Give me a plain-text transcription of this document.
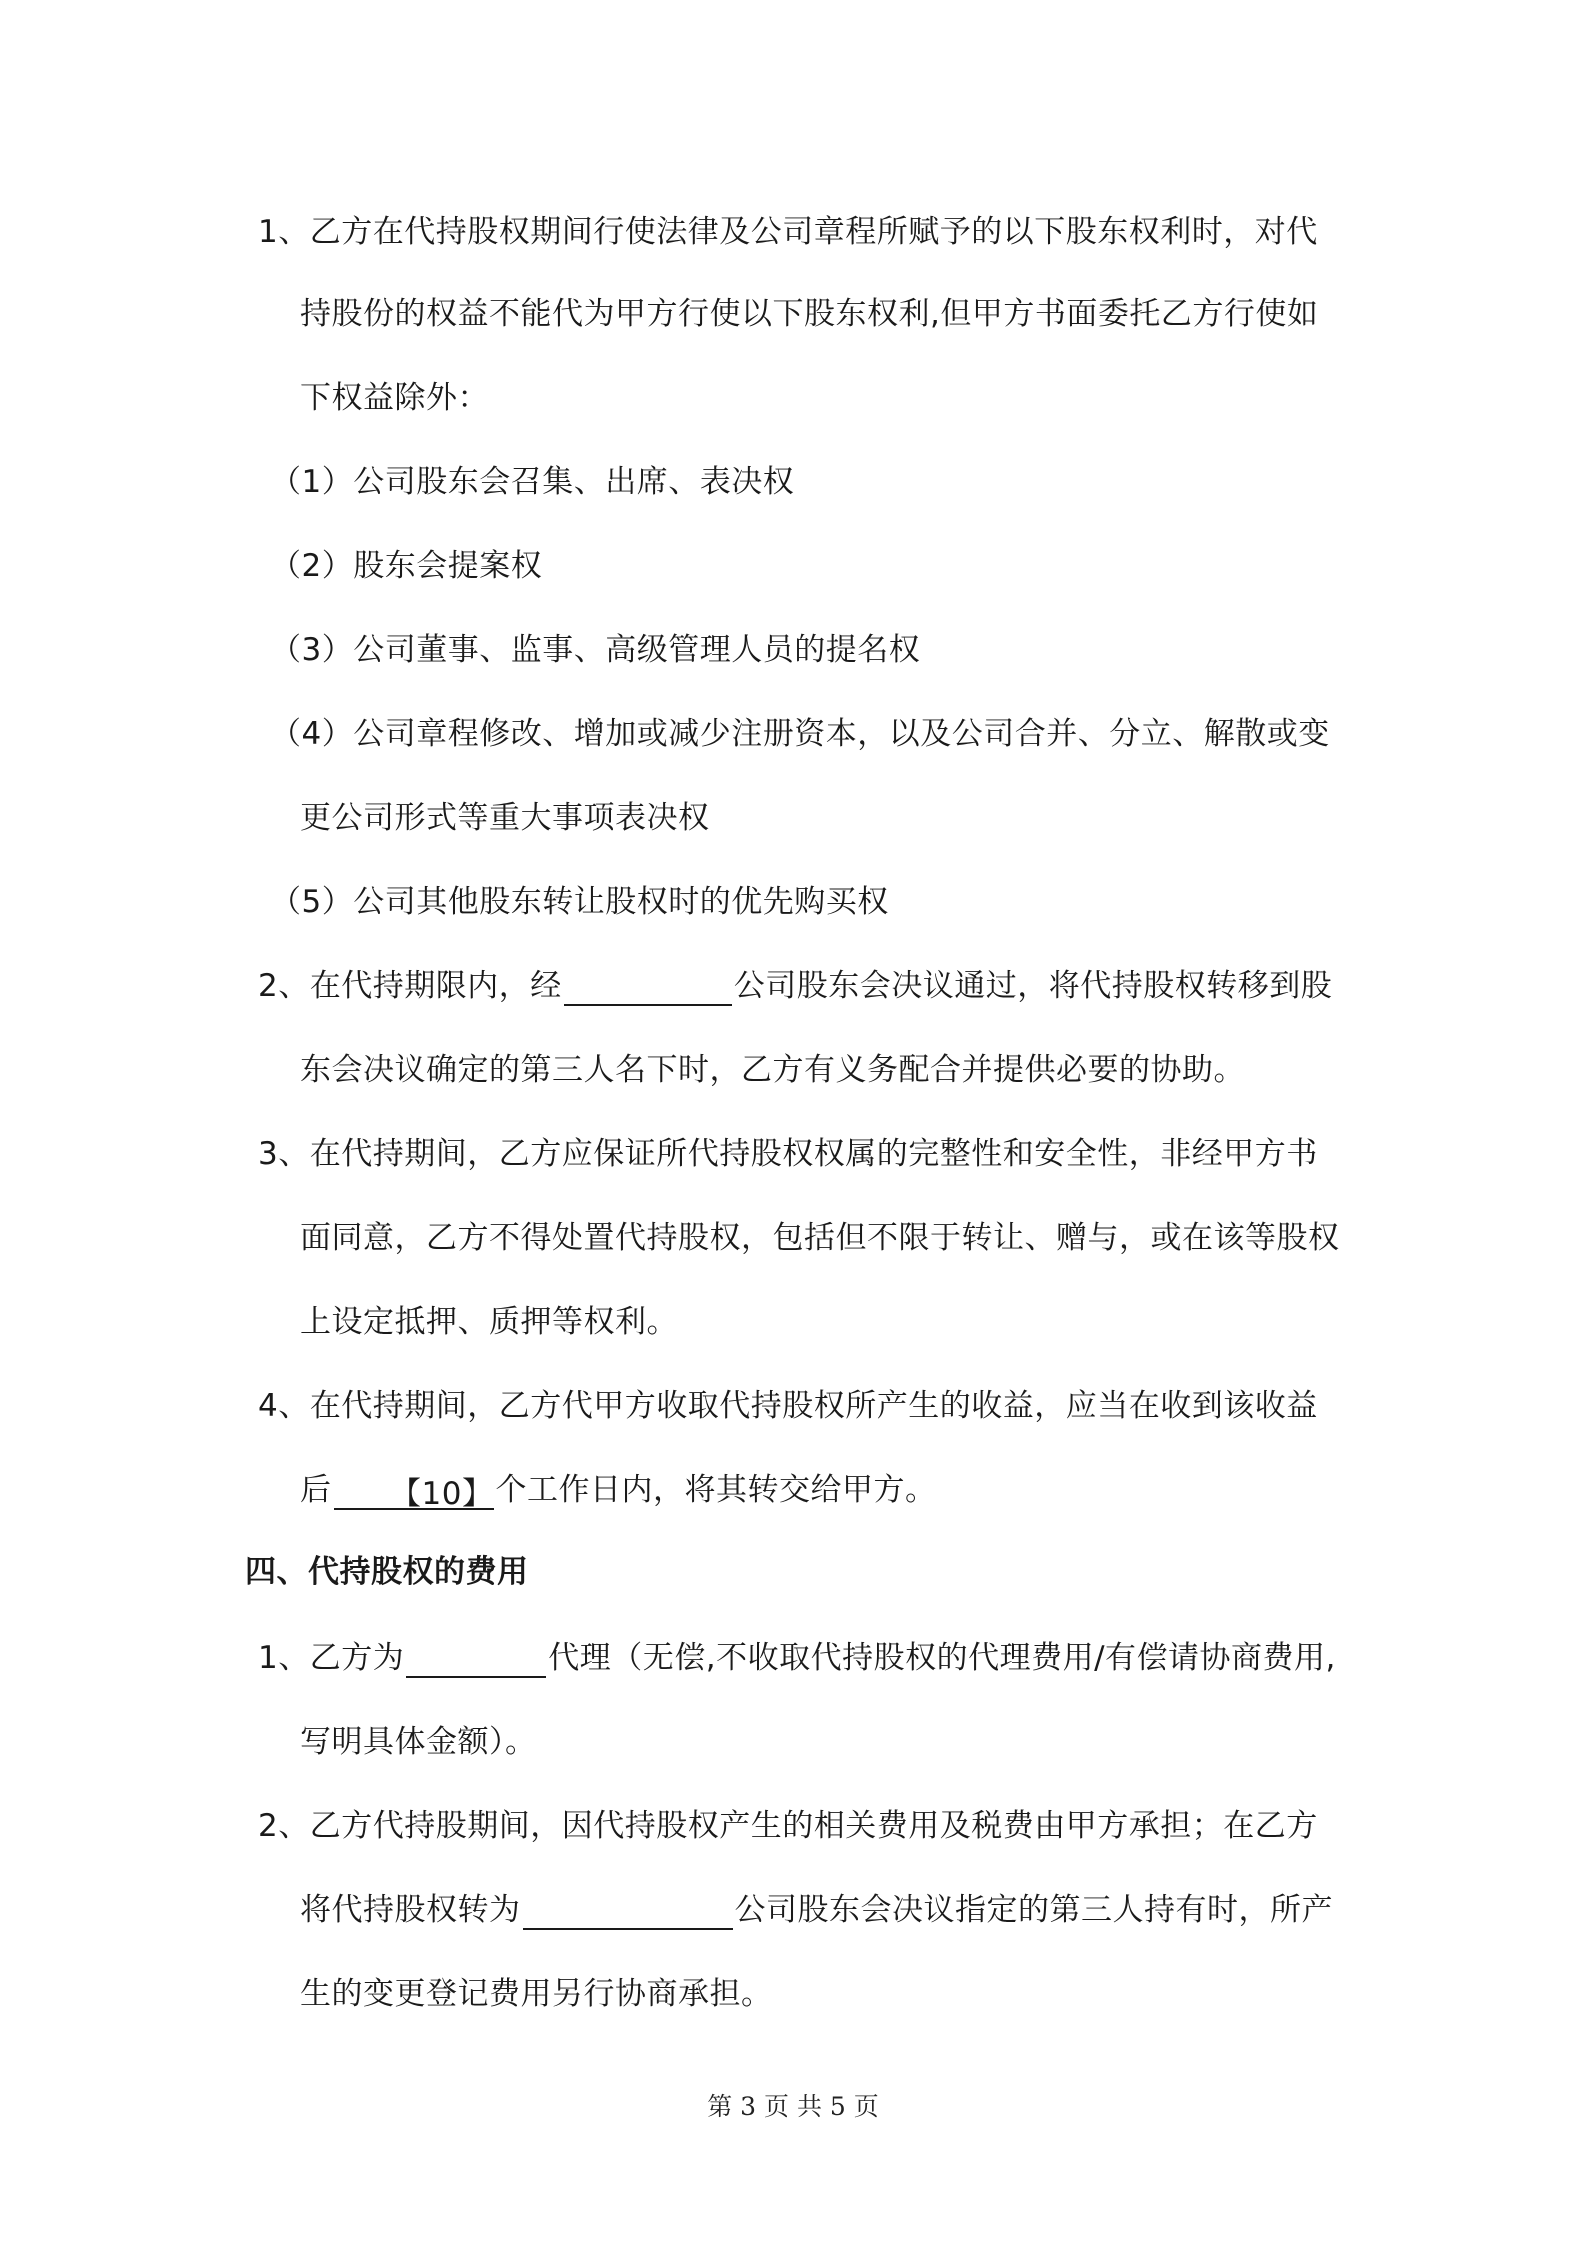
1、乙方在代持股权期间行使法律及公司章程所赋予的以下股东权利时，对代
持股份的权益不能代为甲方行使以下股东权利,但甲方书面委托乙方行使如
下权益除外：
（1）公司股东会召集、出席、表决权
（2）股东会提案权
（3）公司董事、监事、高级管理人员的提名权
（4）公司章程修改、增加或减少注册资本，以及公司合并、分立、解散或变
更公司形式等重大事项表决权
（5）公司其他股东转让股权时的优先购买权
2、在代持期限内，经	公司股东会决议通过，将代持股权转移到股
东会决议确定的第三人名下时，乙方有义务配合并提供必要的协助。
3、在代持期间，乙方应保证所代持股权权属的完整性和安全性，非经甲方书
面同意，乙方不得处置代持股权，包括但不限于转让、赠与，或在该等股权
上设定抵押、质押等权利。
4、在代持期间，乙方代甲方收取代持股权所产生的收益，应当在收到该收益
后 【10】个工作日内，将其转交给甲方。
四、代持股权的费用
1、乙方为	代理（无偿,不收取代持股权的代理费用/有偿请协商费用,
写明具体金额）。
2、乙方代持股期间，因代持股权产生的相关费用及税费由甲方承担；在乙方
将代持股权转为	公司股东会决议指定的第三人持有时，所产
生的变更登记费用另行协商承担。
第 3 页 共 5 页
